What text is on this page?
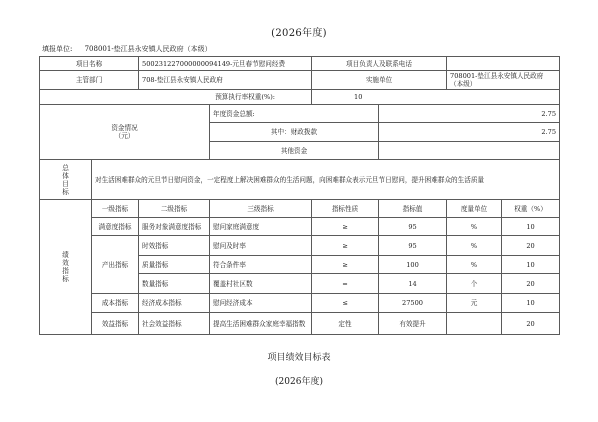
(2026年度)
填报单位: 708001-垫江县永安镇人民政府（本级）
项目名称		500231227000000094149-元旦春节慰问经费		项目负责人及联系电话			
主管部门		708-垫江县永安镇人民政府		实施单位		708001-垫江县永安镇人民政府（本级）	
预算执行率权重(%):				10			

资金情况
（元）			年度资金总额:		2.75		
			其中：财政拨款		2.75		
			其他资金				

总
体
目
标	对生活困难群众的元旦节日慰问资金，一定程度上解决困难群众的生活问题，向困难群众表示元旦节日慰问，提升困难群众的生活质量						

绩
效
指
标	一级指标	二级指标	三级指标	指标性质	指标值	度量单位	权重（%）
	满意度指标	服务对象满意度指标	慰问家庭满意度	≥	95	%	10
	产出指标	时效指标	慰问及时率	≥	95	%	20
		质量指标	符合条件率	≥	100	%	10
		数量指标	覆盖村社区数	=	14	个	20
	成本指标	经济成本指标	慰问经济成本	≤	27500	元	10
	效益指标	社会效益指标	提高生活困难群众家庭幸福指数	定性	有效提升		20
项目绩效目标表
(2026年度)
